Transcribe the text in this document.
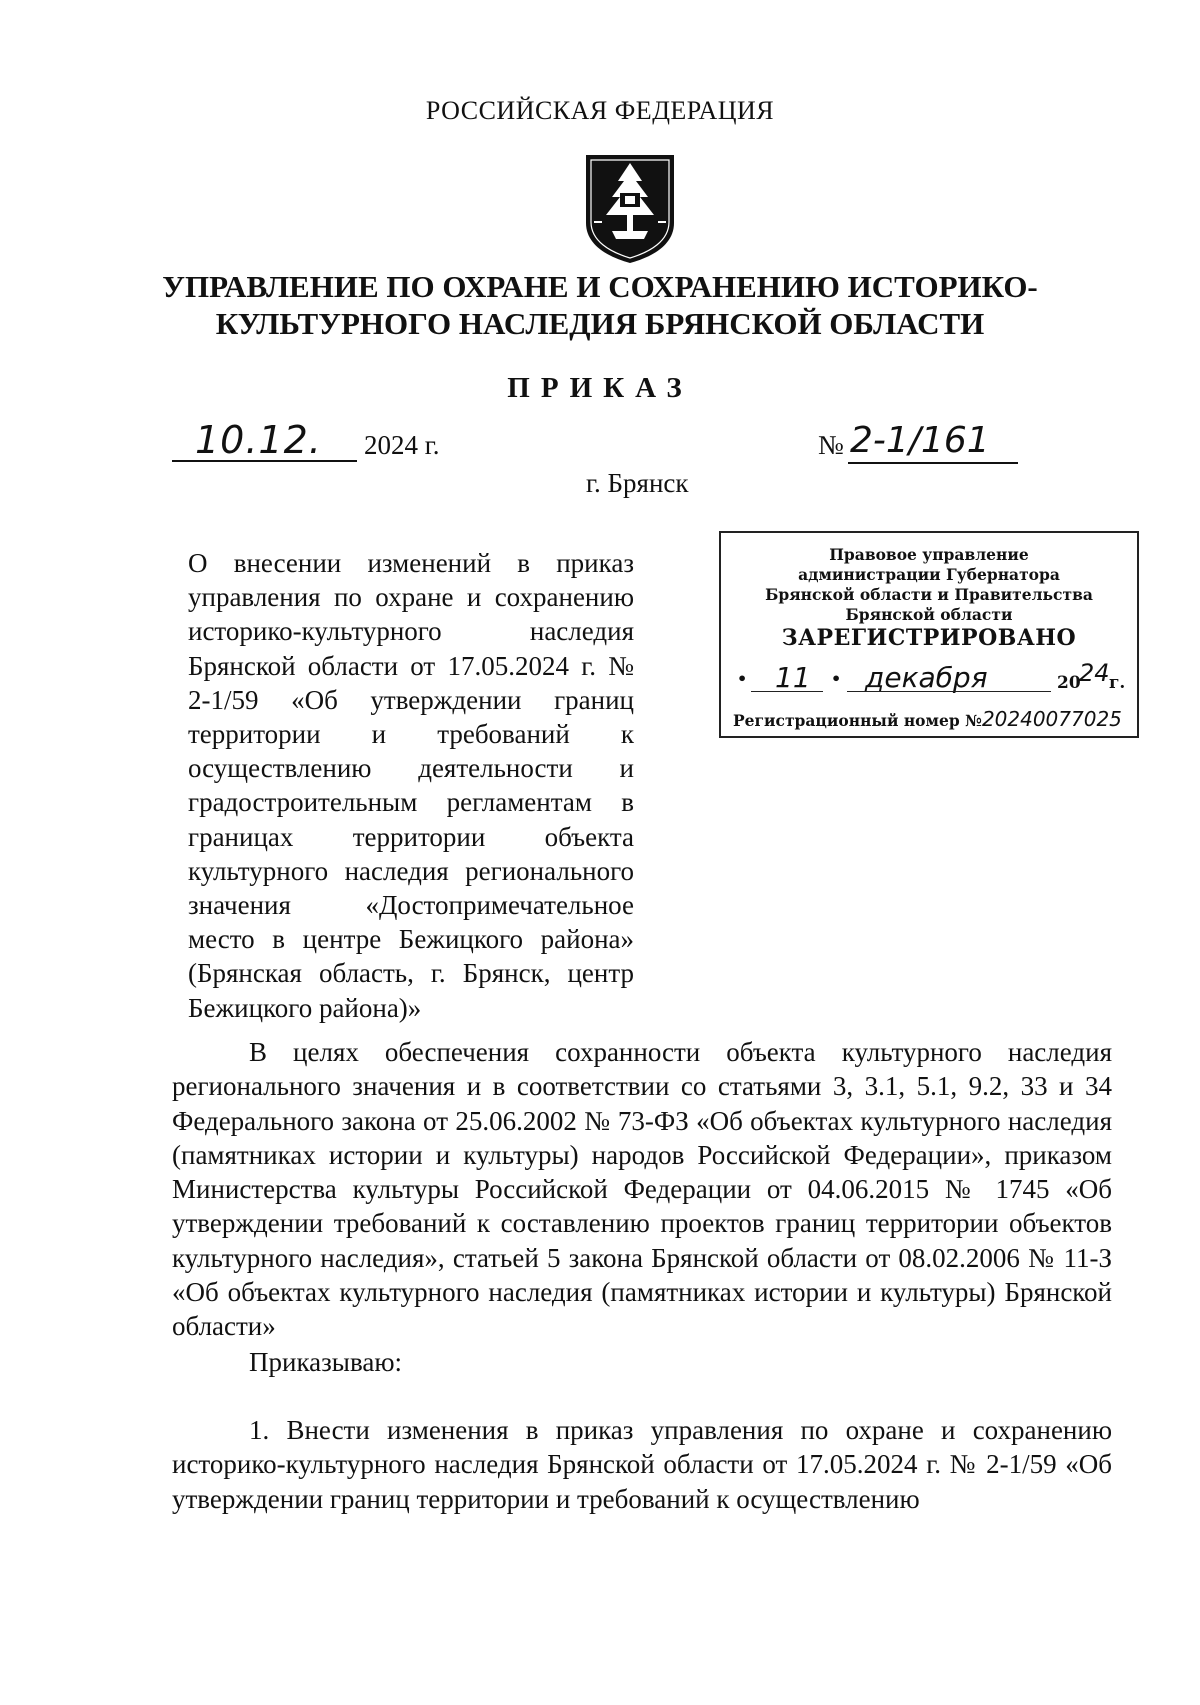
РОССИЙСКАЯ ФЕДЕРАЦИЯ
УПРАВЛЕНИЕ ПО ОХРАНЕ И СОХРАНЕНИЮ ИСТОРИКО-
КУЛЬТУРНОГО НАСЛЕДИЯ БРЯНСКОЙ ОБЛАСТИ
ПРИКАЗ
10.12. 2024 г.	№ 2-1/161
г. Брянск
О внесении изменений в приказ управления по охране и сохранению историко-культурного наследия Брянской области от 17.05.2024 г. № 2-1/59 «Об утверждении границ территории и требований к осуществлению деятельности и градостроительным регламентам в границах территории объекта культурного наследия регионального значения «Достопримечательное место в центре Бежицкого района» (Брянская область, г. Брянск, центр Бежицкого района)»
Правовое управление
администрации Губернатора
Брянской области и Правительства
Брянской области
ЗАРЕГИСТРИРОВАНО
• 11 • декабря	20
24 г.
Регистрационный номер №20240077025
В целях обеспечения сохранности объекта культурного наследия регионального значения и в соответствии со статьями 3, 3.1, 5.1, 9.2, 33 и 34 Федерального закона от 25.06.2002 № 73-ФЗ «Об объектах культурного наследия (памятниках истории и культуры) народов Российской Федерации», приказом Министерства культуры Российской Федерации от 04.06.2015 № 1745 «Об утверждении требований к составлению проектов границ территории объектов культурного наследия», статьей 5 закона Брянской области от 08.02.2006 № 11-З «Об объектах культурного наследия (памятниках истории и культуры) Брянской области»
Приказываю:
1. Внести изменения в приказ управления по охране и сохранению историко-культурного наследия Брянской области от 17.05.2024 г. № 2-1/59 «Об утверждении границ территории и требований к осуществлению
